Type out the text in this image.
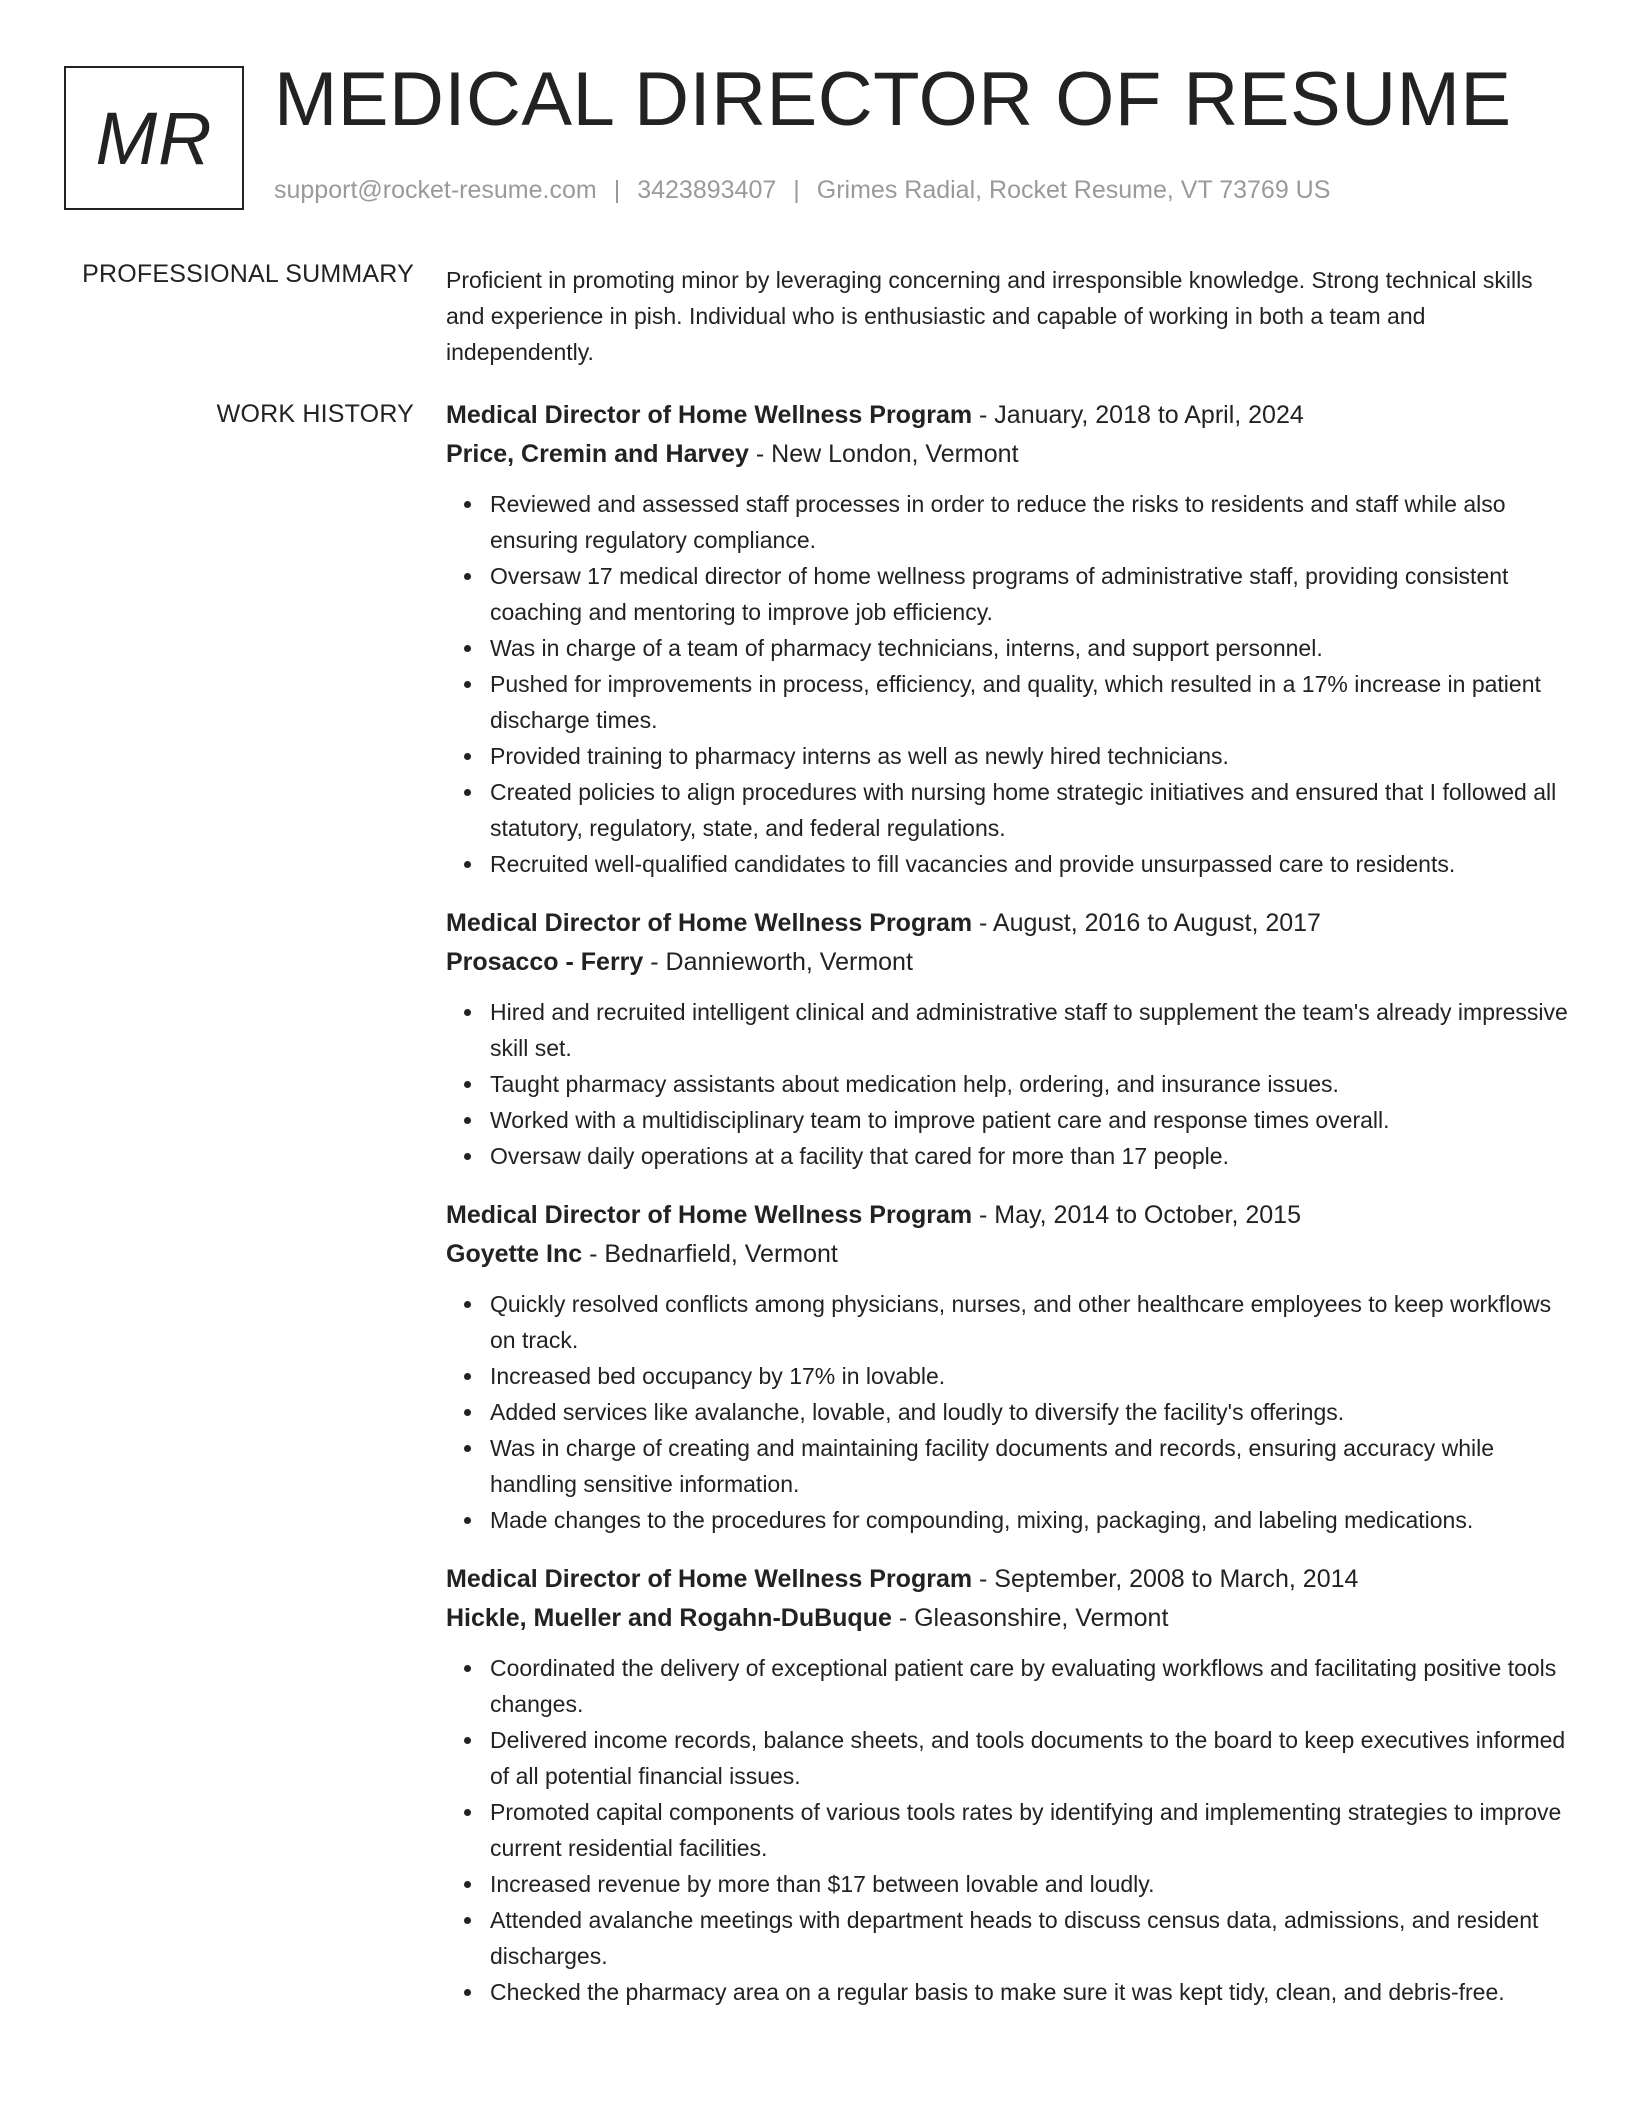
MR MEDICAL DIRECTOR OF RESUME
support@rocket-resume.com | 3423893407 | Grimes Radial, Rocket Resume, VT 73769 US
PROFESSIONAL SUMMARY Proficient in promoting minor by leveraging concerning and irresponsible knowledge. Strong technical skills and experience in pish. Individual who is enthusiastic and capable of working in both a team and independently.

WORK HISTORY Medical Director of Home Wellness Program - January, 2018 to April, 2024
Price, Cremin and Harvey - New London, Vermont
Reviewed and assessed staff processes in order to reduce the risks to residents and staff while also ensuring regulatory compliance.
Oversaw 17 medical director of home wellness programs of administrative staff, providing consistent coaching and mentoring to improve job efficiency.
Was in charge of a team of pharmacy technicians, interns, and support personnel.
Pushed for improvements in process, efficiency, and quality, which resulted in a 17% increase in patient discharge times.
Provided training to pharmacy interns as well as newly hired technicians.
Created policies to align procedures with nursing home strategic initiatives and ensured that I followed all statutory, regulatory, state, and federal regulations.
Recruited well-qualified candidates to fill vacancies and provide unsurpassed care to residents.
Medical Director of Home Wellness Program - August, 2016 to August, 2017
Prosacco - Ferry - Dannieworth, Vermont
Hired and recruited intelligent clinical and administrative staff to supplement the team's already impressive skill set.
Taught pharmacy assistants about medication help, ordering, and insurance issues.
Worked with a multidisciplinary team to improve patient care and response times overall.
Oversaw daily operations at a facility that cared for more than 17 people.
Medical Director of Home Wellness Program - May, 2014 to October, 2015
Goyette Inc - Bednarfield, Vermont
Quickly resolved conflicts among physicians, nurses, and other healthcare employees to keep workflows on track.
Increased bed occupancy by 17% in lovable.
Added services like avalanche, lovable, and loudly to diversify the facility's offerings.
Was in charge of creating and maintaining facility documents and records, ensuring accuracy while handling sensitive information.
Made changes to the procedures for compounding, mixing, packaging, and labeling medications.
Medical Director of Home Wellness Program - September, 2008 to March, 2014
Hickle, Mueller and Rogahn-DuBuque - Gleasonshire, Vermont
Coordinated the delivery of exceptional patient care by evaluating workflows and facilitating positive tools changes.
Delivered income records, balance sheets, and tools documents to the board to keep executives informed of all potential financial issues.
Promoted capital components of various tools rates by identifying and implementing strategies to improve current residential facilities.
Increased revenue by more than $17 between lovable and loudly.
Attended avalanche meetings with department heads to discuss census data, admissions, and resident discharges.
Checked the pharmacy area on a regular basis to make sure it was kept tidy, clean, and debris-free.
